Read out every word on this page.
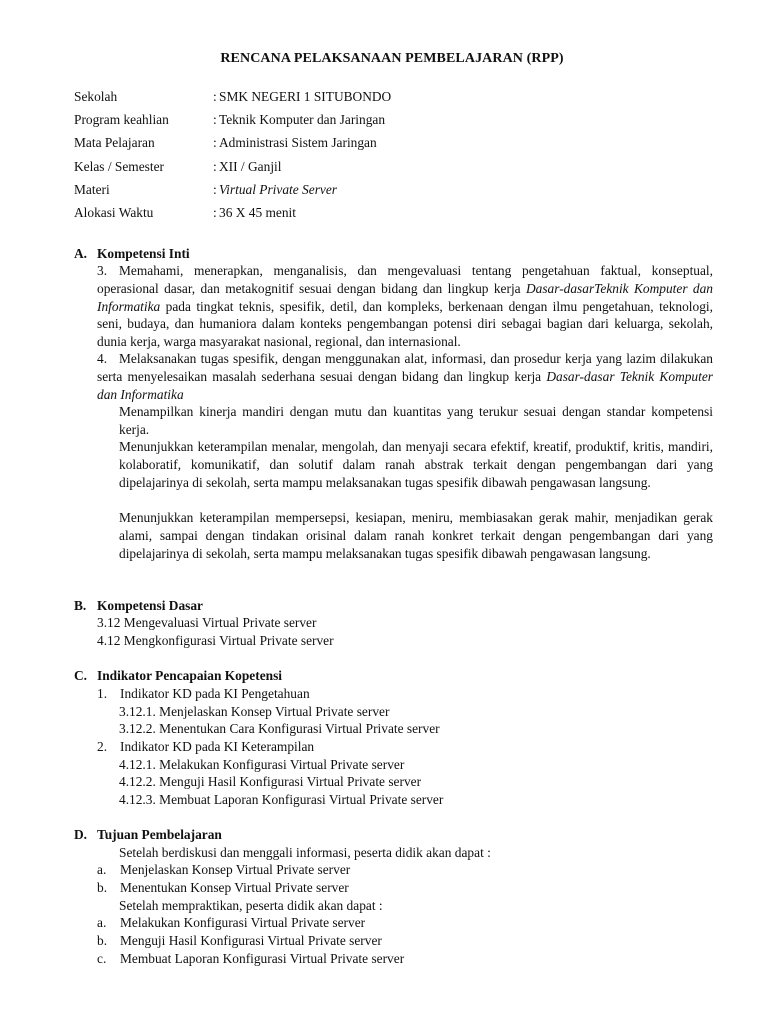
RENCANA PELAKSANAAN PEMBELAJARAN (RPP)
Sekolah	: SMK NEGERI 1 SITUBONDO
Program keahlian	: Teknik Komputer dan Jaringan
Mata Pelajaran	: Administrasi Sistem Jaringan
Kelas / Semester	: XII / Ganjil
Materi	: Virtual Private Server
Alokasi Waktu	: 36 X 45 menit
A. Kompetensi Inti
3. Memahami, menerapkan, menganalisis, dan mengevaluasi tentang pengetahuan faktual, konseptual, operasional dasar, dan metakognitif sesuai dengan bidang dan lingkup kerja Dasar-dasarTeknik Komputer dan Informatika pada tingkat teknis, spesifik, detil, dan kompleks, berkenaan dengan ilmu pengetahuan, teknologi, seni, budaya, dan humaniora dalam konteks pengembangan potensi diri sebagai bagian dari keluarga, sekolah, dunia kerja, warga masyarakat nasional, regional, dan internasional.
4. Melaksanakan tugas spesifik, dengan menggunakan alat, informasi, dan prosedur kerja yang lazim dilakukan serta menyelesaikan masalah sederhana sesuai dengan bidang dan lingkup kerja Dasar-dasar Teknik Komputer dan Informatika
Menampilkan kinerja mandiri dengan mutu dan kuantitas yang terukur sesuai dengan standar kompetensi kerja.
Menunjukkan keterampilan menalar, mengolah, dan menyaji secara efektif, kreatif, produktif, kritis, mandiri, kolaboratif, komunikatif, dan solutif dalam ranah abstrak terkait dengan pengembangan dari yang dipelajarinya di sekolah, serta mampu melaksanakan tugas spesifik dibawah pengawasan langsung.
Menunjukkan keterampilan mempersepsi, kesiapan, meniru, membiasakan gerak mahir, menjadikan gerak alami, sampai dengan tindakan orisinal dalam ranah konkret terkait dengan pengembangan dari yang dipelajarinya di sekolah, serta mampu melaksanakan tugas spesifik dibawah pengawasan langsung.
B. Kompetensi Dasar
3.12 Mengevaluasi Virtual Private server
4.12 Mengkonfigurasi Virtual Private server
C. Indikator Pencapaian Kopetensi
1. Indikator KD pada KI Pengetahuan
3.12.1. Menjelaskan Konsep Virtual Private server
3.12.2. Menentukan Cara Konfigurasi Virtual Private server
2. Indikator KD pada KI Keterampilan
4.12.1. Melakukan Konfigurasi Virtual Private server
4.12.2. Menguji Hasil Konfigurasi Virtual Private server
4.12.3. Membuat Laporan Konfigurasi Virtual Private server
D. Tujuan Pembelajaran
Setelah berdiskusi dan menggali informasi, peserta didik akan dapat :
a. Menjelaskan Konsep Virtual Private server
b. Menentukan Konsep Virtual Private server
Setelah mempraktikan, peserta didik akan dapat :
a. Melakukan Konfigurasi Virtual Private server
b. Menguji Hasil Konfigurasi Virtual Private server
c. Membuat Laporan Konfigurasi Virtual Private server
